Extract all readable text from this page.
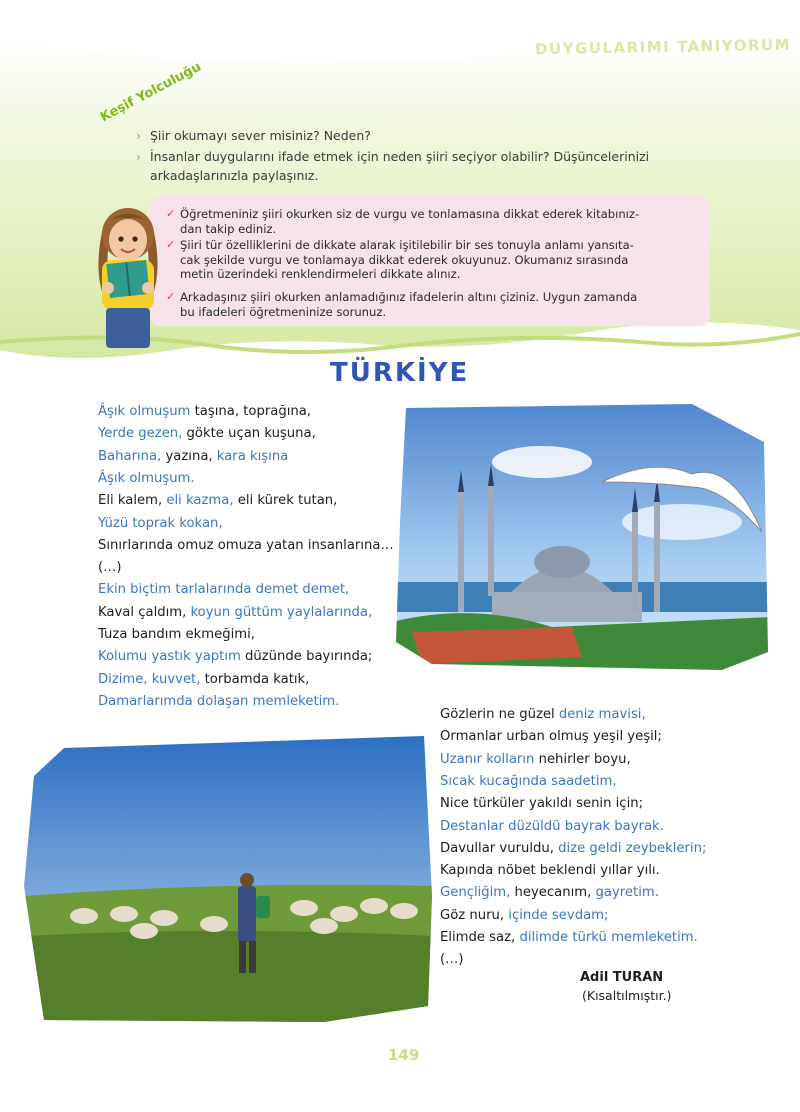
DUYGULARIMI TANIYORUM
Keşif Yolculuğu
› Şiir okumayı sever misiniz? Neden?
› İnsanlar duygularını ifade etmek için neden şiiri seçiyor olabilir? Düşüncelerinizi
arkadaşlarınızla paylaşınız.
✓ Öğretmeniniz şiiri okurken siz de vurgu ve tonlamasına dikkat ederek kitabınız-
dan takip ediniz.
✓ Şiiri tür özelliklerini de dikkate alarak işitilebilir bir ses tonuyla anlamı yansıta-
cak şekilde vurgu ve tonlamaya dikkat ederek okuyunuz. Okumanız sırasında
metin üzerindeki renklendirmeleri dikkate alınız.
✓ Arkadaşınız şiiri okurken anlamadığınız ifadelerin altını çiziniz. Uygun zamanda
bu ifadeleri öğretmeninize sorunuz.
TÜRKİYE
Âşık olmuşum taşına, toprağına,
Yerde gezen, gökte uçan kuşuna,
Baharına, yazına, kara kışına
Âşık olmuşum.
Eli kalem, eli kazma, eli kürek tutan,
Yüzü toprak kokan,
Sınırlarında omuz omuza yatan insanlarına…
(…)
Ekin biçtim tarlalarında demet demet,
Kaval çaldım, koyun güttüm yaylalarında,
Tuza bandım ekmeğimi,
Kolumu yastık yaptım düzünde bayırında;
Dizime, kuvvet, torbamda katık,
Damarlarımda dolaşan memleketim.
Gözlerin ne güzel deniz mavisi,
Ormanlar urban olmuş yeşil yeşil;
Uzanır kolların nehirler boyu,
Sıcak kucağında saadetim,
Nice türküler yakıldı senin için;
Destanlar düzüldü bayrak bayrak.
Davullar vuruldu, dize geldi zeybeklerin;
Kapında nöbet beklendi yıllar yılı.
Gençliğim, heyecanım, gayretim.
Göz nuru, içinde sevdam;
Elimde saz, dilimde türkü memleketim.
(…)
Adil TURAN
(Kısaltılmıştır.)
149
